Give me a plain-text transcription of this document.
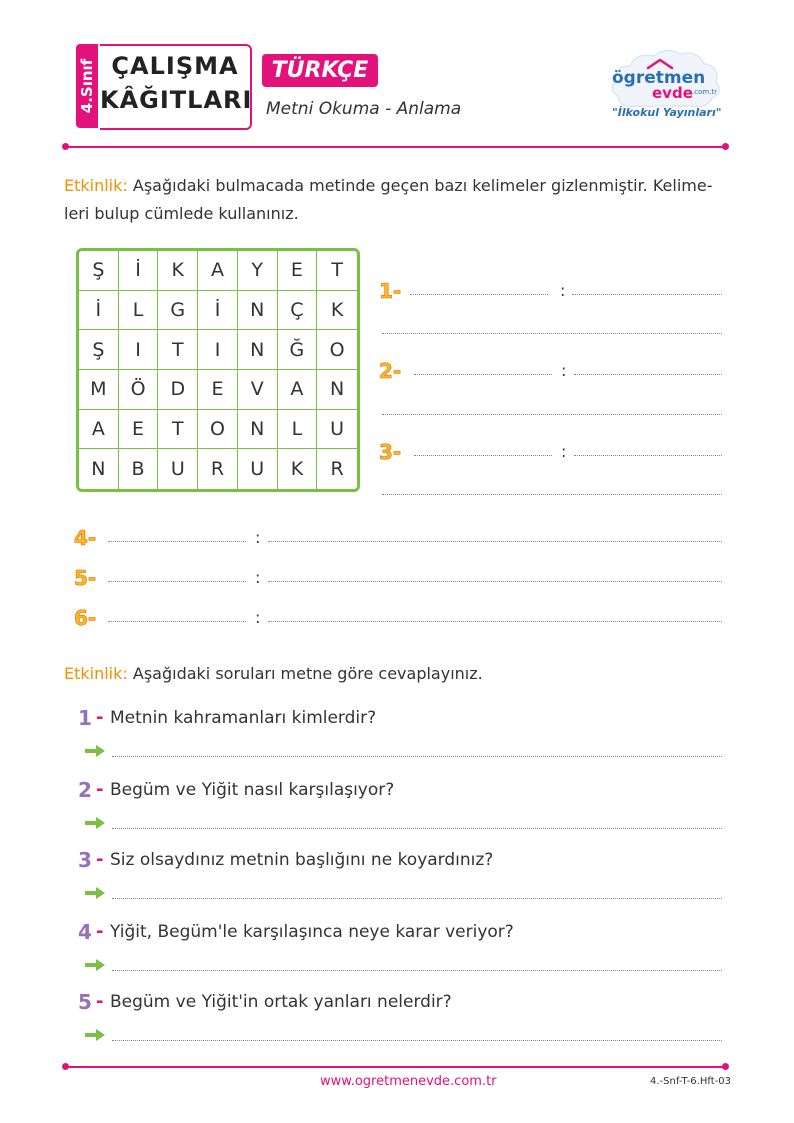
4.Sınıf ÇALIŞMA
KÂĞITLARI
TÜRKÇE
Metni Okuma - Anlama
ögretmen
evde .com.tr
"İlkokul Yayınları"
Etkinlik: Aşağıdaki bulmacada metinde geçen bazı kelimeler gizlenmiştir. Kelime-
leri bulup cümlede kullanınız.
Ş	İ	K	A	Y	E	T
İ	L	G	İ	N	Ç	K
Ş	I	T	I	N	Ğ	O
M	Ö	D	E	V	A	N
A	E	T	O	N	L	U
N	B	U	R	U	K	R
1-	:
2-	:
3-	:
4-	:
5-	:
6-	:
Etkinlik: Aşağıdaki soruları metne göre cevaplayınız.
1 - Metnin kahramanları kimlerdir?
2 - Begüm ve Yiğit nasıl karşılaşıyor?
3 - Siz olsaydınız metnin başlığını ne koyardınız?
4 - Yiğit, Begüm'le karşılaşınca neye karar veriyor?
5 - Begüm ve Yiğit'in ortak yanları nelerdir?
www.ogretmenevde.com.tr	4.-Snf-T-6.Hft-03
